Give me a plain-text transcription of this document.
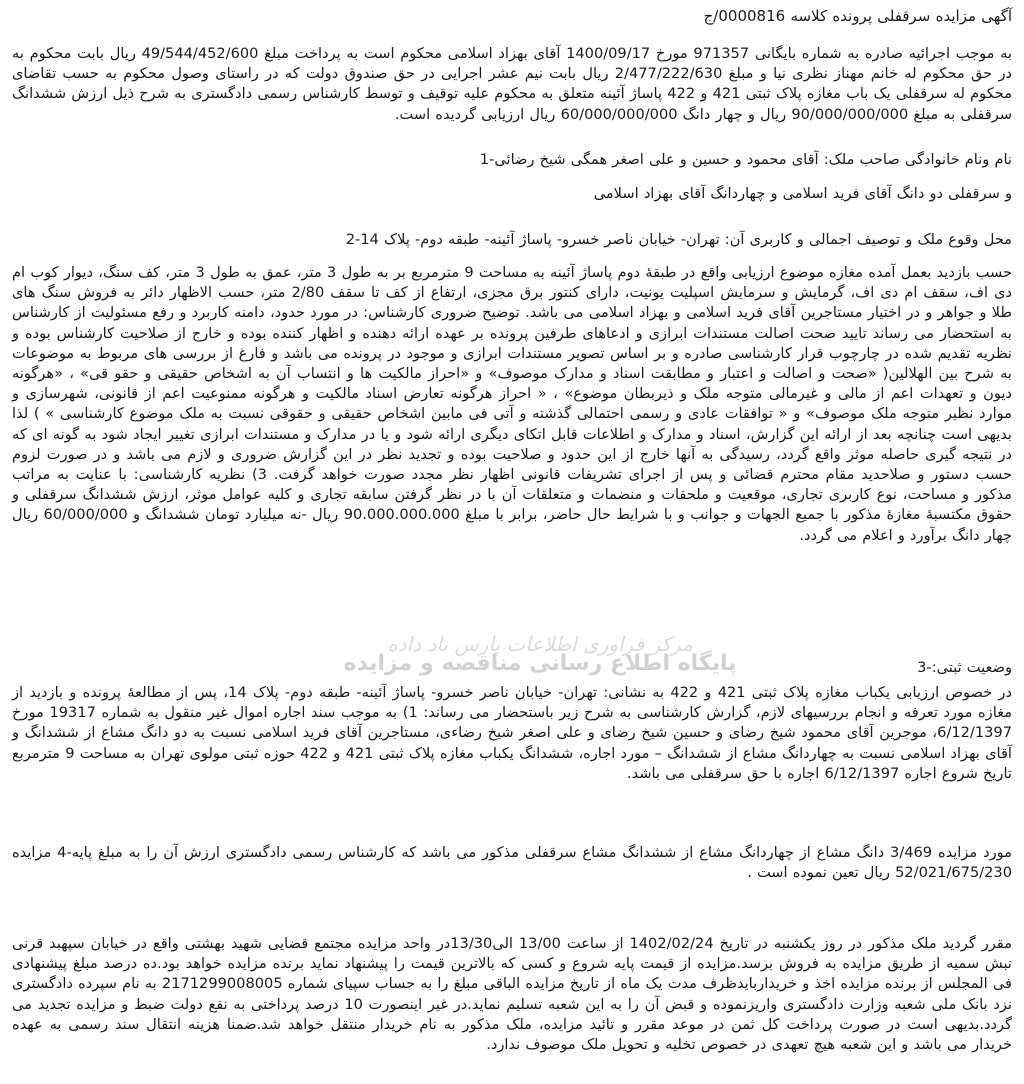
آگهی مزایده سرقفلی پرونده کلاسه 0000816/ج

به موجب اجرائیه صادره به شماره بایگانی 971357 مورخ 1400/09/17 آقای بهزاد اسلامی محکوم است به پرداخت مبلغ 49/544/452/600 ریال بابت محکوم به در حق محکوم له خانم مهناز نظری نیا و مبلغ 2/477/222/630 ریال بابت نیم عشر اجرایی در حق صندوق دولت که در راستای وصول محکوم به حسب تقاضای محکوم له سرقفلی یک باب مغازه پلاک ثبتی 421 و 422 پاساژ آئینه متعلق به محکوم علیه توقیف و توسط کارشناس رسمی دادگستری به شرح ذیل ارزش ششدانگ سرقفلی به مبلغ 90/000/000/000 ریال و چهار دانگ 60/000/000/000 ریال ارزیابی گردیده است.

نام ونام خانوادگی صاحب ملک: آقای محمود و حسین و علی اصغر همگی شیخ رضائی-1

و سرقفلی دو دانگ آقای فرید اسلامی و چهاردانگ آقای بهزاد اسلامی

محل وقوع ملک و توصیف اجمالی و کاربری آن: تهران- خیابان ناصر خسرو- پاساژ آئینه- طبقه دوم- پلاک 14-2

حسب بازدید بعمل آمده مغازه موضوع ارزیابی واقع در طبقهٔ دوم پاساژ آئینه به مساحت 9 مترمربع بر به طول 3 متر، عمق به طول 3 متر، کف سنگ، دیوار کوب ام دی اف، سقف ام دی اف، گرمایش و سرمایش اسپلیت یونیت، دارای کنتور برق مجزی، ارتفاع از کف تا سقف 2/80 متر، حسب الاظهار دائر به فروش سنگ های طلا و جواهر و در اختیار مستاجرین آقای فرید اسلامی و بهزاد اسلامی می باشد. توضیح ضروری کارشناس: در مورد حدود، دامنه کاربرد و رفع مسئولیت از کارشناس به استحضار می رساند تایید صحت اصالت مستندات ابرازی و ادعاهای طرفین پرونده بر عهده ارائه دهنده و اظهار کننده بوده و خارج از صلاحیت کارشناس بوده و نظریه تقدیم شده در چارچوب قرار کارشناسی صادره و بر اساس تصویر مستندات ابرازی و موجود در پرونده می باشد و فارغ از بررسی های مربوط به موضوعات به شرح بین الهلالین( «صحت و اصالت و اعتبار و مطابقت اسناد و مدارک موصوف» و «احراز مالکیت ها و انتساب آن به اشخاص حقیقی و حقو قی» ، «هرگونه دیون و تعهدات اعم از مالی و غیرمالی متوجه ملک و ذیربطان موضوع» ، « احراز هرگونه تعارض اسناد مالکیت و هرگونه ممنوعیت اعم از قانونی، شهرسازی و موارد نظیر متوجه ملک موصوف» و « توافقات عادی و رسمی احتمالی گذشته و آتی فی مابین اشخاص حقیقی و حقوقی نسبت به ملک موضوع کارشناسی » ) لذا بدیهی است چنانچه بعد از ارائه این گزارش، اسناد و مدارک و اطلاعات قابل اتکای دیگری ارائه شود و یا در مدارک و مستندات ابرازی تغییر ایجاد شود به گونه ای که در نتیجه گیری حاصله موثر واقع گردد، رسیدگی به آنها خارج از این حدود و صلاحیت بوده و تجدید نظر در این گزارش ضروری و لازم می باشد و در صورت لزوم حسب دستور و صلاحدید مقام محترم قضائی و پس از اجرای تشریفات قانونی اظهار نظر مجدد صورت خواهد گرفت. 3) نظریه کارشناسی: با عنایت به مراتب مذکور و مساحت، نوع کاربری تجاری، موقعیت و ملحقات و منضمات و متعلقات آن با در نظر گرفتن سابقه تجاری و کلیه عوامل موثر، ارزش ششدانگ سرقفلی و حقوق مکتسبهٔ مغازهٔ مذکور با جمیع الجهات و جوانب و با شرایط حال حاضر، برابر با مبلغ 90.000.000.000 ریال -نه میلیارد تومان ششدانگ و 60/000/000 ریال چهار دانگ برآورد و اعلام می گردد.

وضعیت ثبتی:-3

در خصوص ارزیابی یکباب مغازه پلاک ثبتی 421 و 422 به نشانی: تهران- خیابان ناصر خسرو- پاساژ آئینه- طبقه دوم- پلاک 14، پس از مطالعهٔ پرونده و بازدید از مغازه مورد تعرفه و انجام بررسیهای لازم، گزارش کارشناسی به شرح زیر باستحضار می رساند: 1) به موجب سند اجاره اموال غیر منقول به شماره 19317 مورخ 6/12/1397، موجرین آقای محمود شیخ رضای و حسین شیخ رضای و علی اصغر شیخ رضاءی، مستاجرین آقای فرید اسلامی نسبت به دو دانگ مشاع از ششدانگ و آقای بهزاد اسلامی نسبت به چهاردانگ مشاع از ششدانگ – مورد اجاره، ششدانگ یکباب مغازه پلاک ثبتی 421 و 422 حوزه ثبتی مولوی تهران به مساحت 9 مترمربع تاریخ شروع اجاره 6/12/1397 اجاره با حق سرقفلی می باشد.

مورد مزایده 3/469 دانگ مشاع از چهاردانگ مشاع از ششدانگ مشاع سرقفلی مذکور می باشد که کارشناس رسمی دادگستری ارزش آن را به مبلغ پایه-4 مزایده 52/021/675/230 ریال تعین نموده است .

مقرر گردید ملک مذکور در روز یکشنبه در تاریخ 1402/02/24 از ساعت 13/00 الی13/30در واحد مزایده مجتمع قضایی شهید بهشتی واقع در خیابان سپهبد قرنی نبش سمیه از طریق مزایده به فروش برسد.مزایده از قیمت پایه شروع و کسی که بالاترین قیمت را پیشنهاد نماید برنده مزایده خواهد بود.ده درصد مبلغ پیشنهادی فی المجلس از برنده مزایده اخذ و خریداربایدظرف مدت یک ماه از تاریخ مزایده الباقی مبلغ را به حساب سپیای شماره 2171299008005 به نام سپرده دادگستری نزد بانک ملی شعبه وزارت دادگستری واریزنموده و قبض آن را به این شعبه تسلیم نماید.در غیر اینصورت 10 درصد پرداختی به نفع دولت ضبط و مزایده تجدید می گردد.بدیهی است در صورت پرداخت کل ثمن در موعد مقرر و تائید مزایده، ملک مذکور به نام خریدار منتقل خواهد شد.ضمنا هزینه انتقال سند رسمی به عهده خریدار می باشد و این شعبه هیچ تعهدی در خصوص تخلیه و تحویل ملک موصوف ندارد.

مرکز فراوری اطلاعات پارس ناد داده
پایگاه اطلاع رسانی مناقصه و مزایده
